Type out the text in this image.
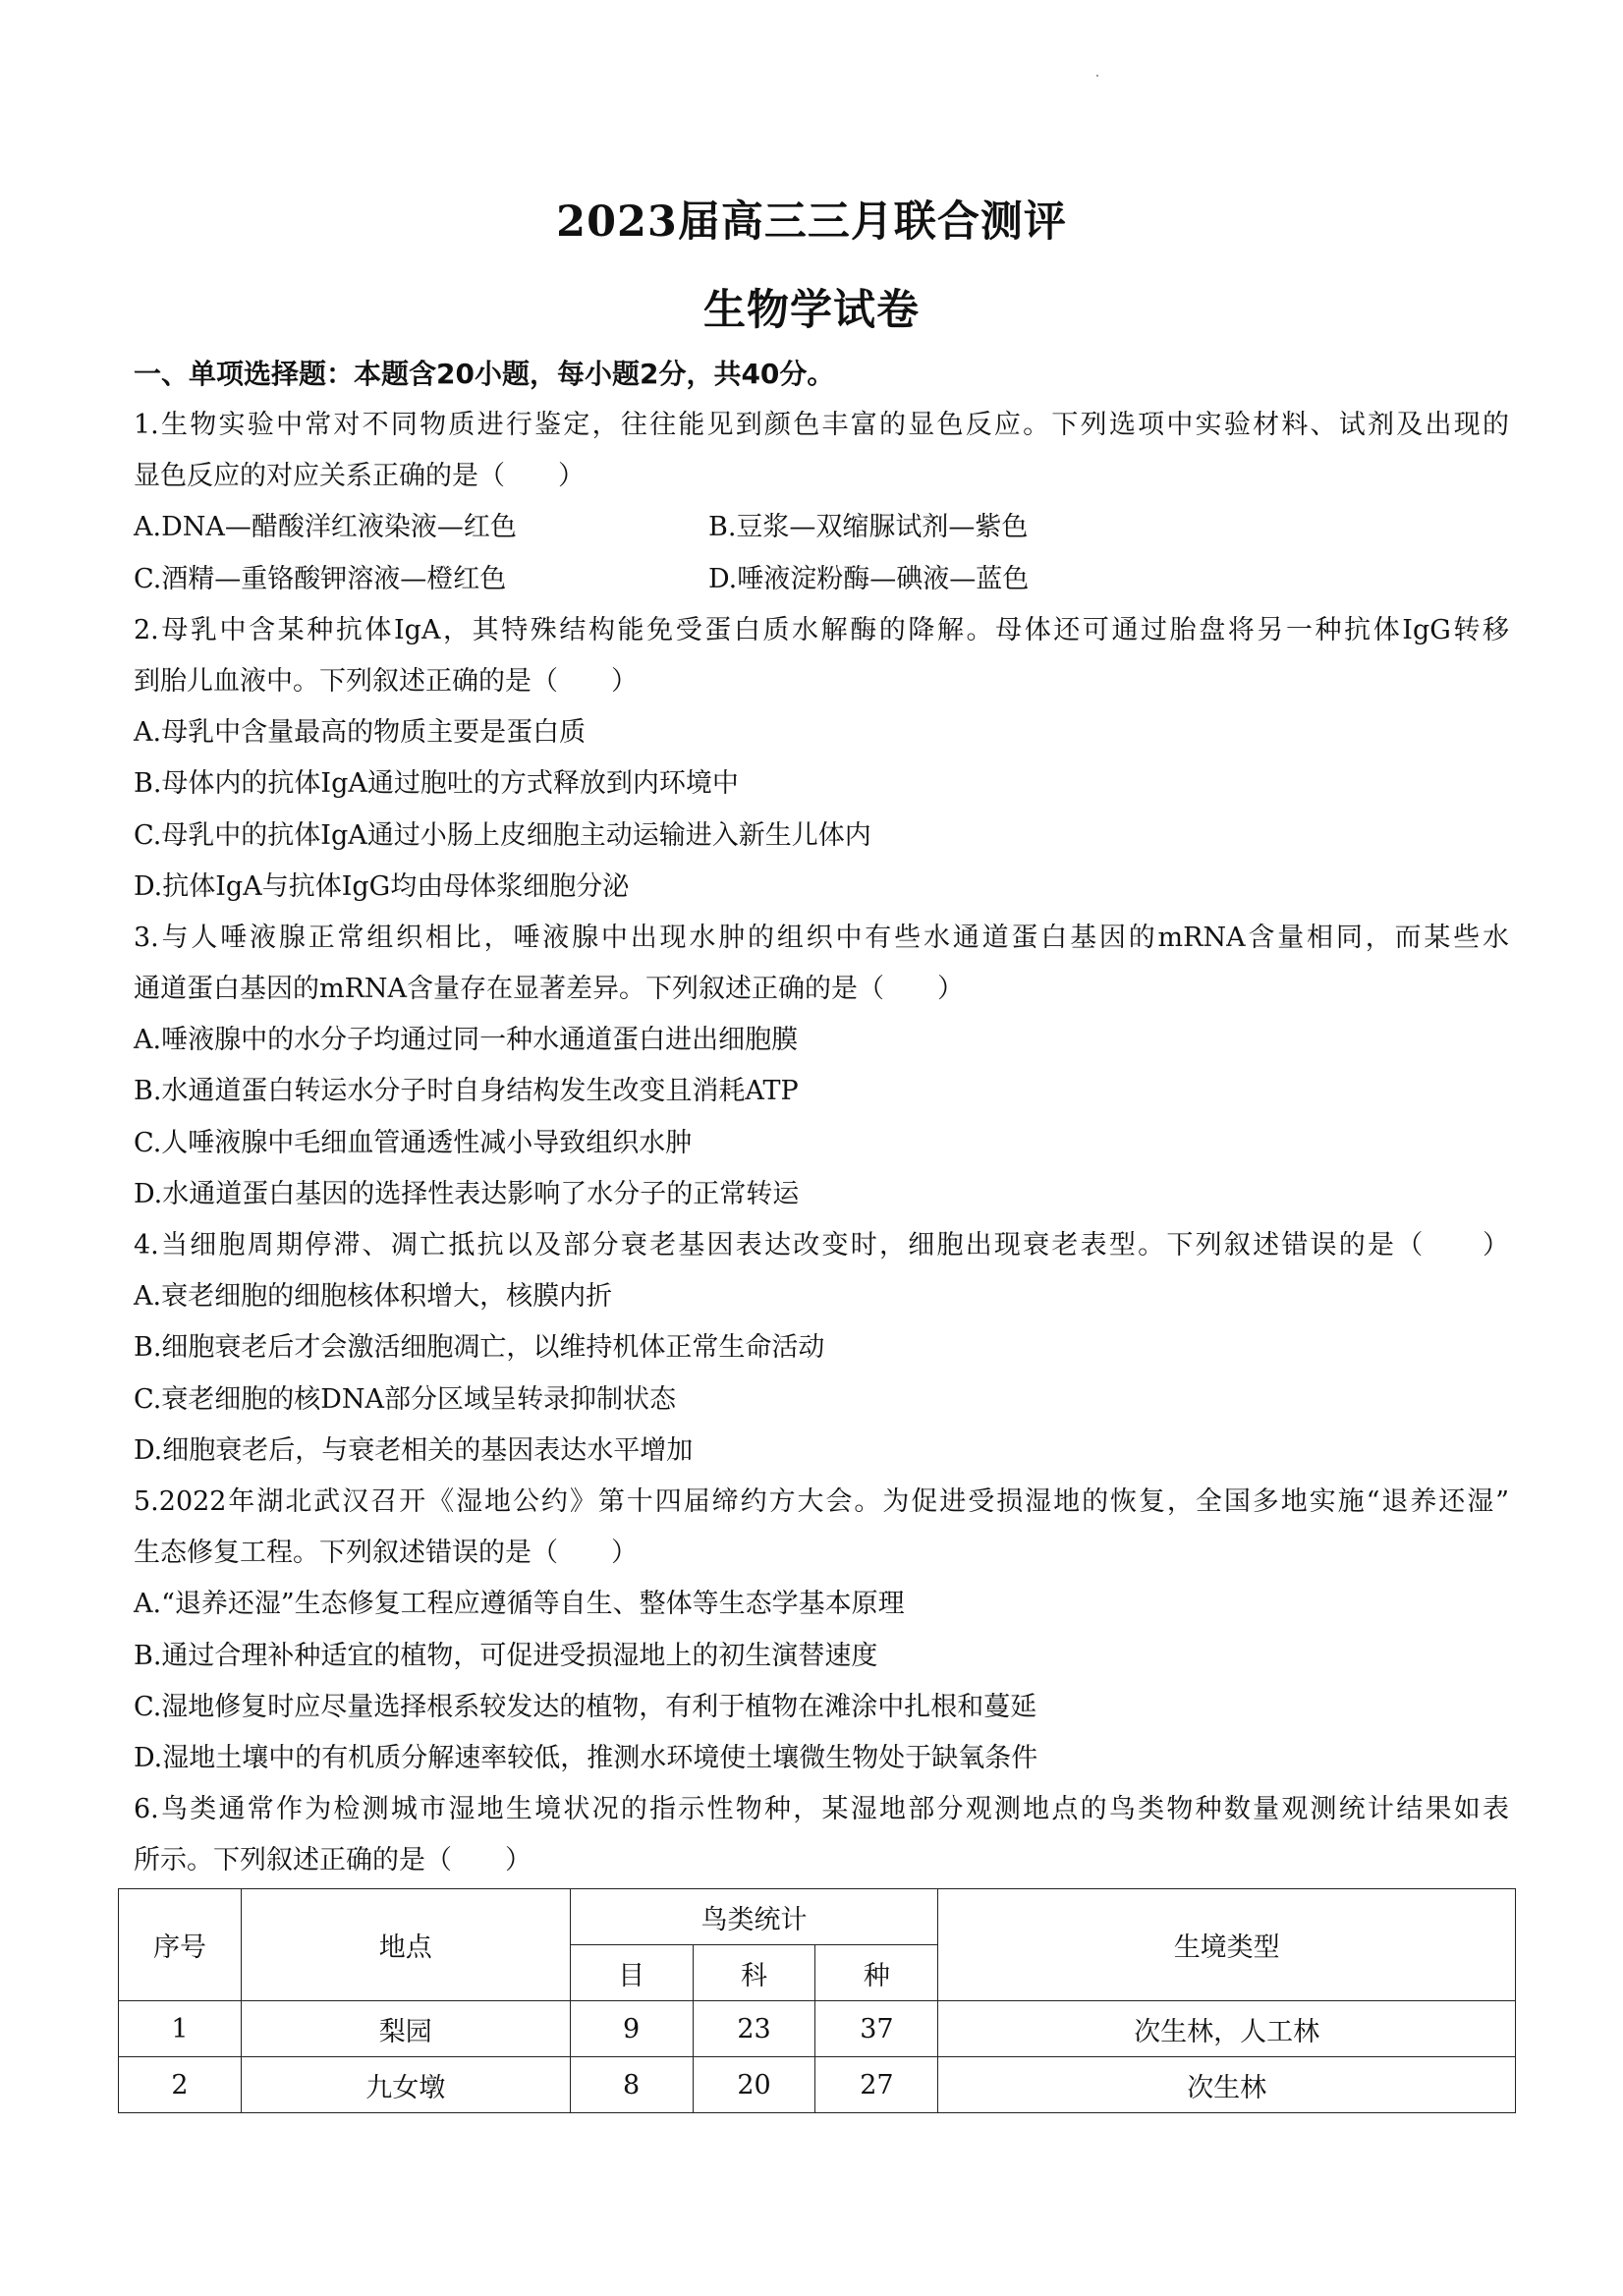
2023届高三三月联合测评
生物学试卷
一、单项选择题：本题含20小题，每小题2分，共40分。
1.生物实验中常对不同物质进行鉴定，往往能见到颜色丰富的显色反应。下列选项中实验材料、试剂及出现的
显色反应的对应关系正确的是（　　）
A.DNA—醋酸洋红液染液—红色	B.豆浆—双缩脲试剂—紫色
C.酒精—重铬酸钾溶液—橙红色	D.唾液淀粉酶—碘液—蓝色
2.母乳中含某种抗体IgA，其特殊结构能免受蛋白质水解酶的降解。母体还可通过胎盘将另一种抗体IgG转移
到胎儿血液中。下列叙述正确的是（　　）
A.母乳中含量最高的物质主要是蛋白质
B.母体内的抗体IgA通过胞吐的方式释放到内环境中
C.母乳中的抗体IgA通过小肠上皮细胞主动运输进入新生儿体内
D.抗体IgA与抗体IgG均由母体浆细胞分泌
3.与人唾液腺正常组织相比，唾液腺中出现水肿的组织中有些水通道蛋白基因的mRNA含量相同，而某些水
通道蛋白基因的mRNA含量存在显著差异。下列叙述正确的是（　　）
A.唾液腺中的水分子均通过同一种水通道蛋白进出细胞膜
B.水通道蛋白转运水分子时自身结构发生改变且消耗ATP
C.人唾液腺中毛细血管通透性减小导致组织水肿
D.水通道蛋白基因的选择性表达影响了水分子的正常转运
4.当细胞周期停滞、凋亡抵抗以及部分衰老基因表达改变时，细胞出现衰老表型。下列叙述错误的是（　　）
A.衰老细胞的细胞核体积增大，核膜内折
B.细胞衰老后才会激活细胞凋亡，以维持机体正常生命活动
C.衰老细胞的核DNA部分区域呈转录抑制状态
D.细胞衰老后，与衰老相关的基因表达水平增加
5.2022年湖北武汉召开《湿地公约》第十四届缔约方大会。为促进受损湿地的恢复，全国多地实施“退养还湿”
生态修复工程。下列叙述错误的是（　　）
A.“退养还湿”生态修复工程应遵循等自生、整体等生态学基本原理
B.通过合理补种适宜的植物，可促进受损湿地上的初生演替速度
C.湿地修复时应尽量选择根系较发达的植物，有利于植物在滩涂中扎根和蔓延
D.湿地土壤中的有机质分解速率较低，推测水环境使土壤微生物处于缺氧条件
6.鸟类通常作为检测城市湿地生境状况的指示性物种，某湿地部分观测地点的鸟类物种数量观测统计结果如表
所示。下列叙述正确的是（　　）
序号	地点	鸟类统计			生境类型
		目	科	种	
1	梨园	9	23	37	次生林，人工林
2	九女墩	8	20	27	次生林
